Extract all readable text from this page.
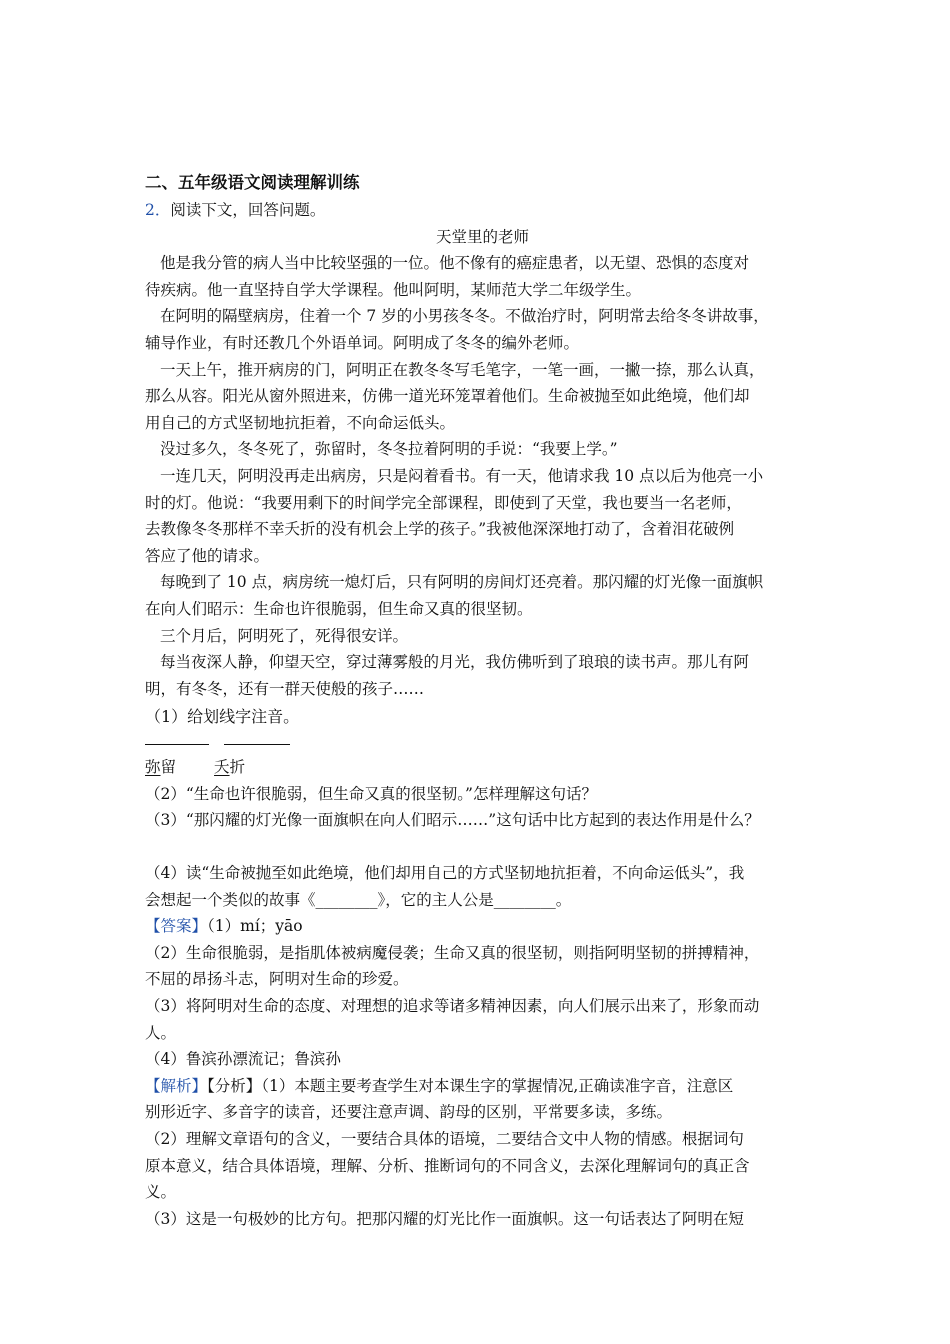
二、五年级语文阅读理解训练
2．阅读下文，回答问题。
天堂里的老师
他是我分管的病人当中比较坚强的一位。他不像有的癌症患者，以无望、恐惧的态度对
待疾病。他一直坚持自学大学课程。他叫阿明，某师范大学二年级学生。
在阿明的隔壁病房，住着一个 7 岁的小男孩冬冬。不做治疗时，阿明常去给冬冬讲故事，
辅导作业，有时还教几个外语单词。阿明成了冬冬的编外老师。
一天上午，推开病房的门，阿明正在教冬冬写毛笔字，一笔一画，一撇一捺，那么认真，
那么从容。阳光从窗外照进来，仿佛一道光环笼罩着他们。生命被抛至如此绝境，他们却
用自己的方式坚韧地抗拒着，不向命运低头。
没过多久，冬冬死了，弥留时，冬冬拉着阿明的手说：“我要上学。”
一连几天，阿明没再走出病房，只是闷着看书。有一天，他请求我 10 点以后为他亮一小
时的灯。他说：“我要用剩下的时间学完全部课程，即使到了天堂，我也要当一名老师，
去教像冬冬那样不幸夭折的没有机会上学的孩子。”我被他深深地打动了，含着泪花破例
答应了他的请求。
每晚到了 10 点，病房统一熄灯后，只有阿明的房间灯还亮着。那闪耀的灯光像一面旗帜
在向人们昭示：生命也许很脆弱，但生命又真的很坚韧。
三个月后，阿明死了，死得很安详。
每当夜深人静，仰望天空，穿过薄雾般的月光，我仿佛听到了琅琅的读书声。那儿有阿
明，有冬冬，还有一群天使般的孩子……
（1）给划线字注音。
弥留 夭折
（2）“生命也许很脆弱，但生命又真的很坚韧。”怎样理解这句话？
（3）“那闪耀的灯光像一面旗帜在向人们昭示……”这句话中比方起到的表达作用是什么？
（4）读“生命被抛至如此绝境，他们却用自己的方式坚韧地抗拒着，不向命运低头”，我
会想起一个类似的故事《________》，它的主人公是________。
【答案】（1）mí；yāo
（2）生命很脆弱，是指肌体被病魔侵袭；生命又真的很坚韧，则指阿明坚韧的拼搏精神，
不屈的昂扬斗志，阿明对生命的珍爱。
（3）将阿明对生命的态度、对理想的追求等诸多精神因素，向人们展示出来了，形象而动
人。
（4）鲁滨孙漂流记；鲁滨孙
【解析】【分析】（1）本题主要考查学生对本课生字的掌握情况,正确读准字音，注意区
别形近字、多音字的读音，还要注意声调、韵母的区别，平常要多读，多练。
（2）理解文章语句的含义，一要结合具体的语境，二要结合文中人物的情感。根据词句
原本意义，结合具体语境，理解、分析、推断词句的不同含义，去深化理解词句的真正含
义。
（3）这是一句极妙的比方句。把那闪耀的灯光比作一面旗帜。这一句话表达了阿明在短
